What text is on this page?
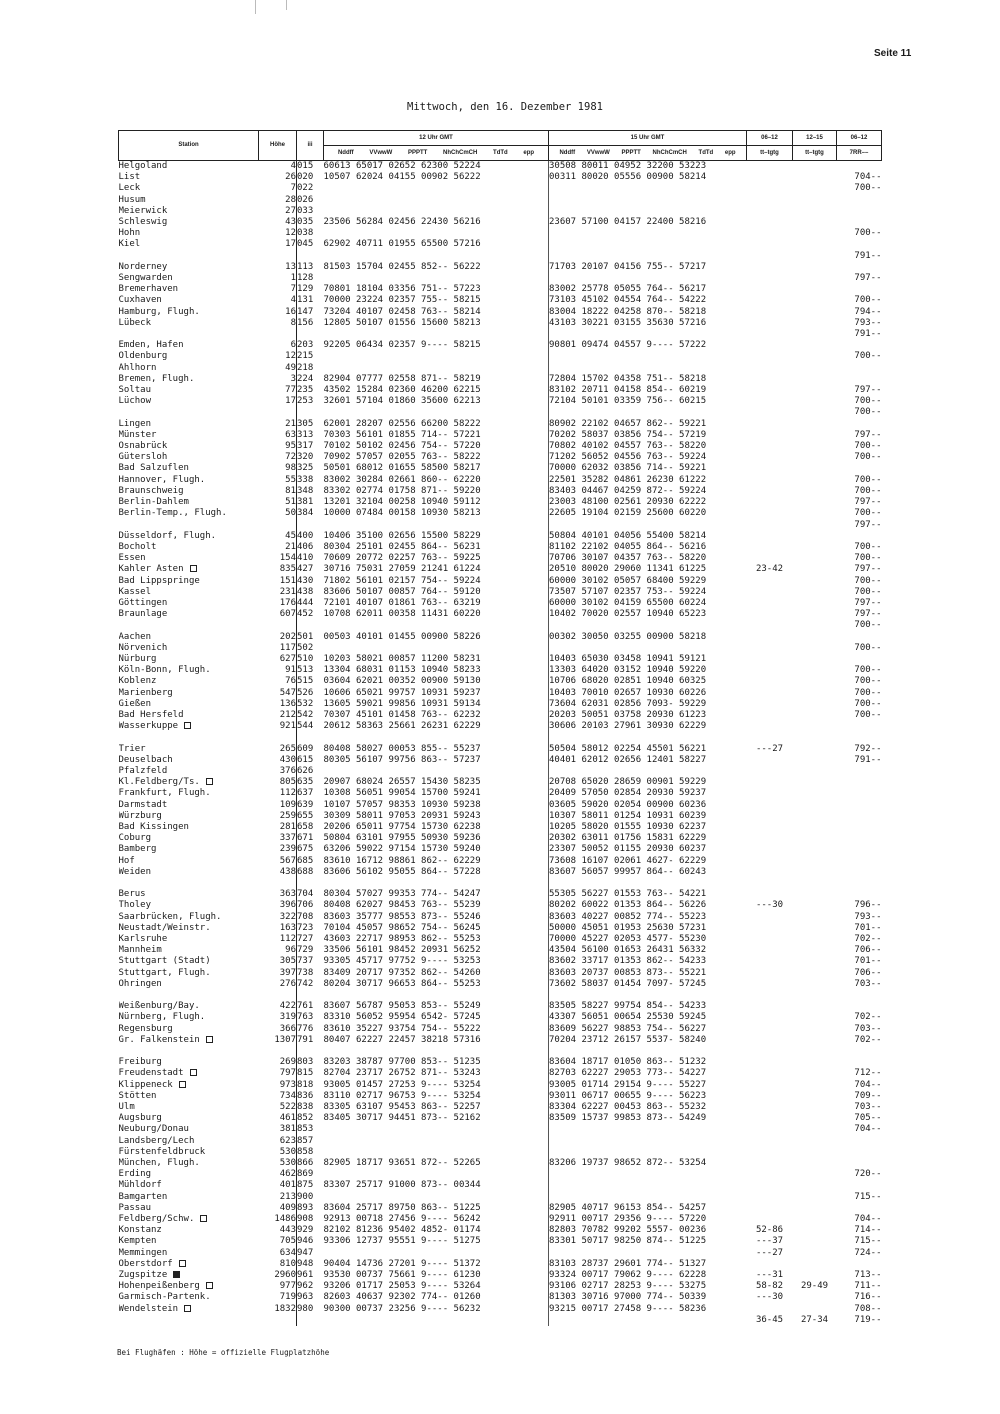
Seite 11
Mittwoch, den 16. Dezember 1981
Station	Höhe	iii	12 Uhr GMT	15 Uhr GMT	06–12	12–15	06–12
			Nddff VVwwW PPPTT NhChCmCH TdTd epp	Nddff VVwwW PPPTT NhChCmCH TdTd epp	tt–tgtg	tt–tgtg	7RR––
Helgoland	4	015	60613 65017 02652 62300 52224	30508 80011 04952 32200 53223			
List	26	020	10507 62024 04155 00902 56222	00311 80020 05556 00900 58214			704--
Leck	7	022					700--
Husum	28	026					
Meierwick	27	033					
Schleswig	43	035	23506 56284 02456 22430 56216	23607 57100 04157 22400 58216			
Hohn	12	038					700--
Kiel	17	045	62902 40711 01955 65500 57216				
							791--
Norderney	13	113	81503 15704 02455 852-- 56222	71703 20107 04156 755-- 57217			
Sengwarden	1	128					797--
Bremerhaven	7	129	70801 18104 03356 751-- 57223	83002 25778 05055 764-- 56217			
Cuxhaven	4	131	70000 23224 02357 755-- 58215	73103 45102 04554 764-- 54222			700--
Hamburg, Flugh.	16	147	73204 40107 02458 763-- 58214	83004 18222 04258 870-- 58218			794--
Lübeck	8	156	12805 50107 01556 15600 58213	43103 30221 03155 35630 57216			793--
							791--
Emden, Hafen	6	203	92205 06434 02357 9---- 58215	90801 09474 04557 9---- 57222			
Oldenburg	12	215					700--
Ahlhorn	49	218					
Bremen, Flugh.	3	224	82904 07777 02558 871-- 58219	72804 15702 04358 751-- 58218			
Soltau	77	235	43502 15284 02360 46200 62215	83102 20711 04158 854-- 60219			797--
Lüchow	17	253	32601 57104 01860 35600 62213	72104 50101 03359 756-- 60215			700--
							700--
Lingen	21	305	62001 28207 02556 66200 58222	80902 22102 04657 862-- 59221			
Münster	63	313	70303 56101 01855 714-- 57221	70202 58037 03856 754-- 57219			797--
Osnabrück	95	317	70102 50102 02456 754-- 57220	70802 40102 04557 763-- 58220			700--
Gütersloh	72	320	70902 57057 02055 763-- 58222	71202 56052 04556 763-- 59224			700--
Bad Salzuflen	98	325	50501 68012 01655 58500 58217	70000 62032 03856 714-- 59221			
Hannover, Flugh.	55	338	83002 30284 02661 860-- 62220	22501 35282 04861 26230 61222			700--
Braunschweig	81	348	83302 02774 01758 871-- 59220	83403 04467 04259 872-- 59224			700--
Berlin-Dahlem	51	381	13201 32104 00258 10940 59112	23003 48100 02561 20930 62222			797--
Berlin-Temp., Flugh.	50	384	10000 07484 00158 10930 58213	22605 19104 02159 25600 60220			700--
							797--
Düsseldorf, Flugh.	45	400	10406 35100 02656 15500 58229	50804 40101 04056 55400 58214			
Bocholt	21	406	80304 25101 02455 864-- 56231	81102 22102 04055 864-- 56216			700--
Essen	154	410	70609 20772 02257 763-- 59225	70706 30107 04357 763-- 58220			700--
Kahler Asten	835	427	30716 75031 27059 21241 61224	20510 80020 29060 11341 61225	23-42		797--
Bad Lippspringe	151	430	71802 56101 02157 754-- 59224	60000 30102 05057 68400 59229			700--
Kassel	231	438	83606 50107 00857 764-- 59120	73507 57107 02357 753-- 59224			700--
Göttingen	176	444	72101 40107 01861 763-- 63219	60000 30102 04159 65500 60224			797--
Braunlage	607	452	10708 62011 00358 11431 60220	10402 70020 02557 10940 65223			797--
							700--
Aachen	202	501	00503 40101 01455 00900 58226	00302 30050 03255 00900 58218			
Nörvenich	117	502					700--
Nürburg	627	510	10203 58021 00857 11200 58231	10403 65030 03458 10941 59121			
Köln-Bonn, Flugh.	91	513	13304 68031 01153 10940 58233	13303 64020 03152 10940 59220			700--
Koblenz	76	515	03604 62021 00352 00900 59130	10706 68020 02851 10940 60325			700--
Marienberg	547	526	10606 65021 99757 10931 59237	10403 70010 02657 10930 60226			700--
Gießen	136	532	13605 59021 99856 10931 59134	73604 62031 02856 7093- 59229			700--
Bad Hersfeld	212	542	70307 45101 01458 763-- 62232	20203 50051 03758 20930 61223			700--
Wasserkuppe	921	544	20612 58363 25661 26231 62229	30606 20103 27961 30930 62229			

Trier	265	609	80408 58027 00053 855-- 55237	50504 58012 02254 45501 56221	---27		792--
Deuselbach	430	615	80305 56107 99756 863-- 57237	40401 62012 02656 12401 58227			791--
Pfalzfeld	376	626					
Kl.Feldberg/Ts.	805	635	20907 68024 26557 15430 58235	20708 65020 28659 00901 59229			
Frankfurt, Flugh.	112	637	10308 56051 99054 15700 59241	20409 57050 02854 20930 59237			
Darmstadt	109	639	10107 57057 98353 10930 59238	03605 59020 02054 00900 60236			
Würzburg	259	655	30309 58011 97053 20931 59243	10307 58011 01254 10931 60239			
Bad Kissingen	281	658	20206 65011 97754 15730 62238	10205 58020 01555 10930 62237			
Coburg	337	671	50804 63101 97955 50930 59236	20302 63011 01756 15831 62229			
Bamberg	239	675	63206 59022 97154 15730 59240	23307 50052 01155 20930 60237			
Hof	567	685	83610 16712 98861 862-- 62229	73608 16107 02061 4627- 62229			
Weiden	438	688	83606 56102 95055 864-- 57228	83607 56057 99957 864-- 60243			

Berus	363	704	80304 57027 99353 774-- 54247	55305 56227 01553 763-- 54221			
Tholey	396	706	80408 62027 98453 763-- 55239	80202 60022 01353 864-- 56226	---30		796--
Saarbrücken, Flugh.	322	708	83603 35777 98553 873-- 55246	83603 40227 00852 774-- 55223			793--
Neustadt/Weinstr.	163	723	70104 45057 98652 754-- 56245	50000 45051 01953 25630 57231			701--
Karlsruhe	112	727	43603 22717 98953 862-- 55253	70000 45227 02053 4577- 55230			702--
Mannheim	96	729	33506 56101 98452 20931 56252	43504 56100 01653 26431 56332			706--
Stuttgart (Stadt)	305	737	93305 45717 97752 9---- 53253	83602 33717 01353 862-- 54233			701--
Stuttgart, Flugh.	397	738	83409 20717 97352 862-- 54260	83603 20737 00853 873-- 55221			706--
Öhringen	276	742	80204 30717 96653 864-- 55253	73602 58037 01454 7097- 57245			703--

Weißenburg/Bay.	422	761	83607 56787 95053 853-- 55249	83505 58227 99754 854-- 54233			
Nürnberg, Flugh.	319	763	83310 56052 95954 6542- 57245	43307 56051 00654 25530 59245			702--
Regensburg	366	776	83610 35227 93754 754-- 55222	83609 56227 98853 754-- 56227			703--
Gr. Falkenstein	1307	791	80407 62227 22457 38218 57316	70204 23712 26157 5537- 58240			702--

Freiburg	269	803	83203 38787 97700 853-- 51235	83604 18717 01050 863-- 51232			
Freudenstadt	797	815	82704 23717 26752 871-- 53243	82703 62227 29053 773-- 54227			712--
Klippeneck	973	818	93005 01457 27253 9---- 53254	93005 01714 29154 9---- 55227			704--
Stötten	734	836	83110 02717 96753 9---- 53254	93011 06717 00655 9---- 56223			709--
Ulm	522	838	83305 63107 95453 863-- 52257	83304 62227 00453 863-- 55232			703--
Augsburg	461	852	83405 30717 94451 873-- 52162	83509 15737 99853 873-- 54249			705--
Neuburg/Donau	381	853					704--
Landsberg/Lech	623	857					
Fürstenfeldbruck	530	858					
München, Flugh.	530	866	82905 18717 93651 872-- 52265	83206 19737 98652 872-- 53254			
Erding	462	869					720--
Mühldorf	401	875	83307 25717 91000 873-- 00344				
Bamgarten	213	900					715--
Passau	409	893	83604 25717 89750 863-- 51225	82905 40717 96153 854-- 54257			
Feldberg/Schw.	1486	908	92913 00718 27456 9---- 56242	92911 00717 29356 9---- 57220			704--
Konstanz	443	929	82102 81236 95402 4852- 01174	82803 70782 99202 5557- 00236	52-86		714--
Kempten	705	946	93306 12737 95551 9---- 51275	83301 50717 98250 874-- 51225	---37		715--
Memmingen	634	947			---27		724--
Oberstdorf	810	948	90404 14736 27201 9---- 51372	83103 28737 29601 774-- 51327			
Zugspitze	2960	961	93530 00737 75661 9---- 61230	93324 00717 79062 9---- 62228	---31		713--
Hohenpeißenberg	977	962	93206 01717 25053 9---- 53264	93106 02717 28253 9---- 53275	58-82	29-49	711--
Garmisch-Partenk.	719	963	82603 40637 92302 774-- 01260	81303 30716 97000 774-- 50339	---30		716--
Wendelstein	1832	980	90300 00737 23256 9---- 56232	93215 00717 27458 9---- 58236			708--
					36-45	27-34	719--
Bei Flughäfen : Höhe = offizielle Flugplatzhöhe
